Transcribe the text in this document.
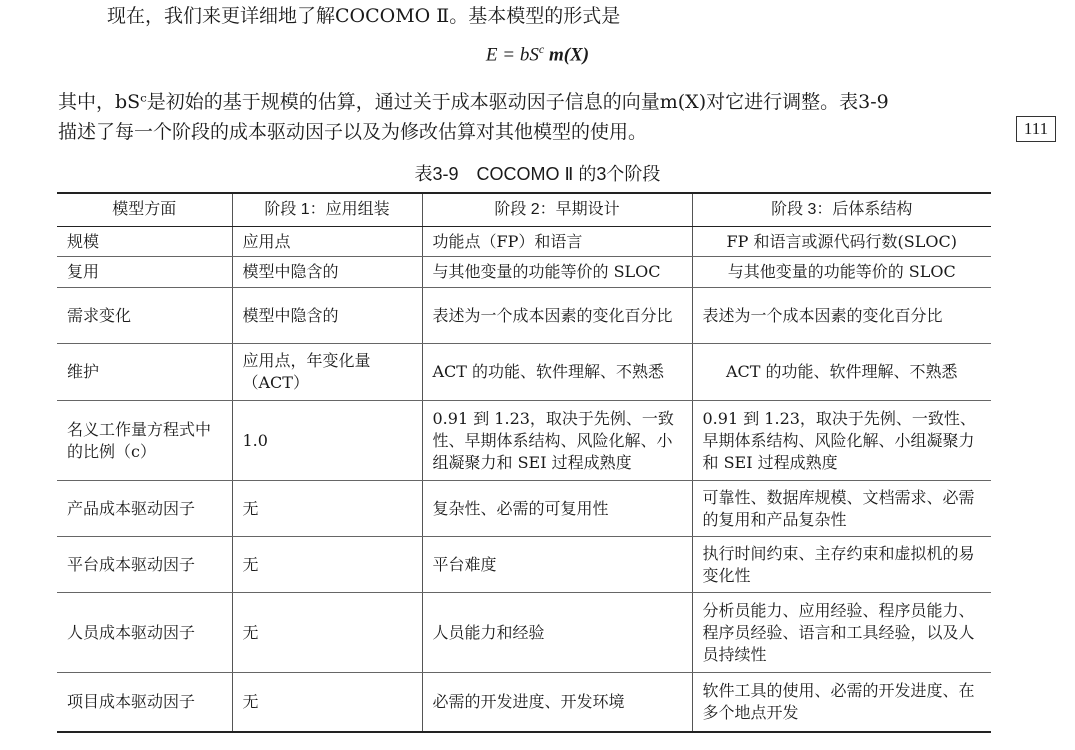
现在，我们来更详细地了解COCOMO Ⅱ。基本模型的形式是
$E = bS^c$ m(X)
其中，bSᶜ是初始的基于规模的估算，通过关于成本驱动因子信息的向量m(X)对它进行调整。表3-9
描述了每一个阶段的成本驱动因子以及为修改估算对其他模型的使用。	111
表3-9　COCOMO Ⅱ 的3个阶段
模型方面	阶段 1：应用组装	阶段 2：早期设计	阶段 3：后体系结构
规模	应用点	功能点（FP）和语言	FP 和语言或源代码行数(SLOC)
复用	模型中隐含的	与其他变量的功能等价的 SLOC	与其他变量的功能等价的 SLOC
需求变化	模型中隐含的	表述为一个成本因素的变化百分比	表述为一个成本因素的变化百分比
维护	应用点，年变化量（ACT）	ACT 的功能、软件理解、不熟悉	ACT 的功能、软件理解、不熟悉
名义工作量方程式中的比例（c）	1.0	0.91 到 1.23，取决于先例、一致性、早期体系结构、风险化解、小组凝聚力和 SEI 过程成熟度	0.91 到 1.23，取决于先例、一致性、早期体系结构、风险化解、小组凝聚力和 SEI 过程成熟度
产品成本驱动因子	无	复杂性、必需的可复用性	可靠性、数据库规模、文档需求、必需的复用和产品复杂性
平台成本驱动因子	无	平台难度	执行时间约束、主存约束和虚拟机的易变化性
人员成本驱动因子	无	人员能力和经验	分析员能力、应用经验、程序员能力、程序员经验、语言和工具经验，以及人员持续性
项目成本驱动因子	无	必需的开发进度、开发环境	软件工具的使用、必需的开发进度、在多个地点开发
